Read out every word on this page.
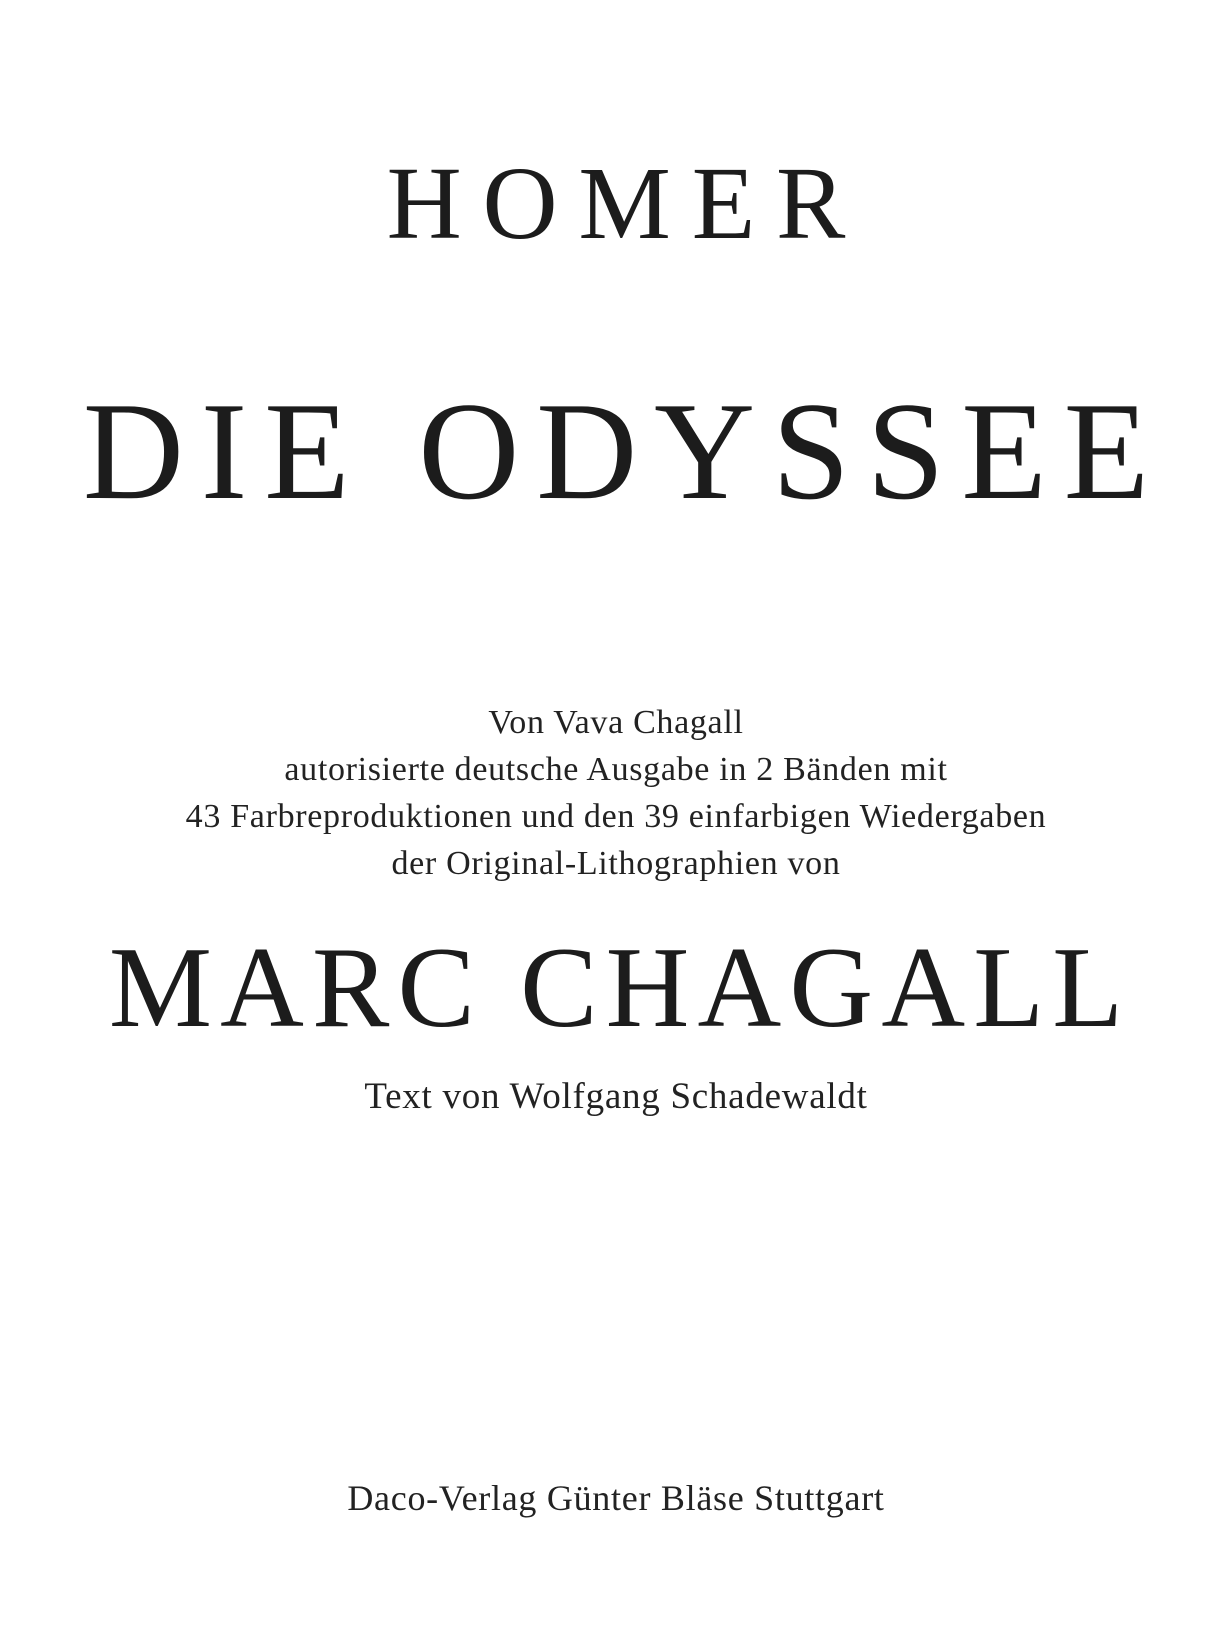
HOMER
DIE ODYSSEE
Von Vava Chagall
autorisierte deutsche Ausgabe in 2 Bänden mit
43 Farbreproduktionen und den 39 einfarbigen Wiedergaben
der Original-Lithographien von
MARC CHAGALL
Text von Wolfgang Schadewaldt
Daco-Verlag Günter Bläse Stuttgart
